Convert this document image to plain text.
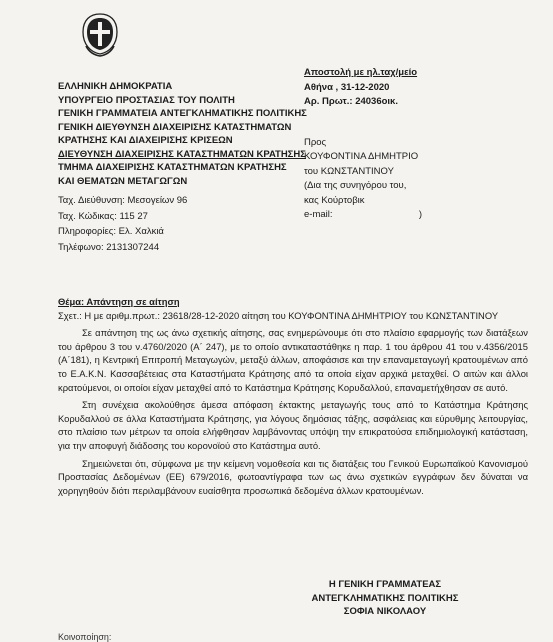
ΕΛΛΗΝΙΚΗ ΔΗΜΟΚΡΑΤΙΑ
ΥΠΟΥΡΓΕΙΟ ΠΡΟΣΤΑΣΙΑΣ ΤΟΥ ΠΟΛΙΤΗ
ΓΕΝΙΚΗ ΓΡΑΜΜΑΤΕΙΑ ΑΝΤΕΓΚΛΗΜΑΤΙΚΗΣ ΠΟΛΙΤΙΚΗΣ
ΓΕΝΙΚΗ ΔΙΕΥΘΥΝΣΗ ΔΙΑΧΕΙΡΙΣΗΣ ΚΑΤΑΣΤΗΜΑΤΩΝ
ΚΡΑΤΗΣΗΣ ΚΑΙ ΔΙΑΧΕΙΡΙΣΗΣ ΚΡΙΣΕΩΝ
ΔΙΕΥΘΥΝΣΗ ΔΙΑΧΕΙΡΙΣΗΣ ΚΑΤΑΣΤΗΜΑΤΩΝ ΚΡΑΤΗΣΗΣ
ΤΜΗΜΑ ΔΙΑΧΕΙΡΙΣΗΣ ΚΑΤΑΣΤΗΜΑΤΩΝ ΚΡΑΤΗΣΗΣ
ΚΑΙ ΘΕΜΑΤΩΝ ΜΕΤΑΓΩΓΩΝ
Ταχ. Διεύθυνση: Μεσογείων 96
Ταχ. Κώδικας: 115 27
Πληροφορίες: Ελ. Χαλκιά
Τηλέφωνο: 2131307244
Αποστολή με ηλ.ταχ/μείο
Αθήνα , 31-12-2020
Αρ. Πρωτ.: 24036οικ.
Προς
ΚΟΥΦΟΝΤΙΝΑ ΔΗΜΗΤΡΙΟ
του ΚΩΝΣΤΑΝΤΙΝΟΥ
(Δια της συνηγόρου του,
κας Κούρτοβικ
e-mail:	)
Θέμα: Απάντηση σε αίτηση
Σχετ.: Η με αριθμ.πρωτ.: 23618/28-12-2020 αίτηση του ΚΟΥΦΟΝΤΙΝΑ ΔΗΜΗΤΡΙΟΥ του ΚΩΝΣΤΑΝΤΙΝΟΥ
Σε απάντηση της ως άνω σχετικής αίτησης, σας ενημερώνουμε ότι στο πλαίσιο εφαρμογής των διατάξεων του άρθρου 3 του ν.4760/2020 (Α΄ 247), με το οποίο αντικαταστάθηκε η παρ. 1 του άρθρου 41 του ν.4356/2015 (Α΄181), η Κεντρική Επιτροπή Μεταγωγών, μεταξύ άλλων, αποφάσισε και την επαναμεταγωγή κρατουμένων από το Ε.Α.Κ.Ν. Κασσαβέτειας στα Καταστήματα Κράτησης από τα οποία είχαν αρχικά μεταχθεί. Ο αιτών και άλλοι κρατούμενοι, οι οποίοι είχαν μεταχθεί από το Κατάστημα Κράτησης Κορυδαλλού, επαναμετήχθησαν σε αυτό.
Στη συνέχεια ακολούθησε άμεσα απόφαση έκτακτης μεταγωγής τους από το Κατάστημα Κράτησης Κορυδαλλού σε άλλα Καταστήματα Κράτησης, για λόγους δημόσιας τάξης, ασφάλειας και εύρυθμης λειτουργίας, στο πλαίσιο των μέτρων τα οποία ελήφθησαν λαμβάνοντας υπόψη την επικρατούσα επιδημιολογική κατάσταση, για την αποφυγή διάδοσης του κορονοϊού στο Κατάστημα αυτό.
Σημειώνεται ότι, σύμφωνα με την κείμενη νομοθεσία και τις διατάξεις του Γενικού Ευρωπαϊκού Κανονισμού Προστασίας Δεδομένων (ΕΕ) 679/2016, φωτοαντίγραφα των ως άνω σχετικών εγγράφων δεν δύναται να χορηγηθούν διότι περιλαμβάνουν ευαίσθητα προσωπικά δεδομένα άλλων κρατουμένων.
Η ΓΕΝΙΚΗ ΓΡΑΜΜΑΤΕΑΣ
ΑΝΤΕΓΚΛΗΜΑΤΙΚΗΣ ΠΟΛΙΤΙΚΗΣ
ΣΟΦΙΑ ΝΙΚΟΛΑΟΥ
Κοινοποίηση:
